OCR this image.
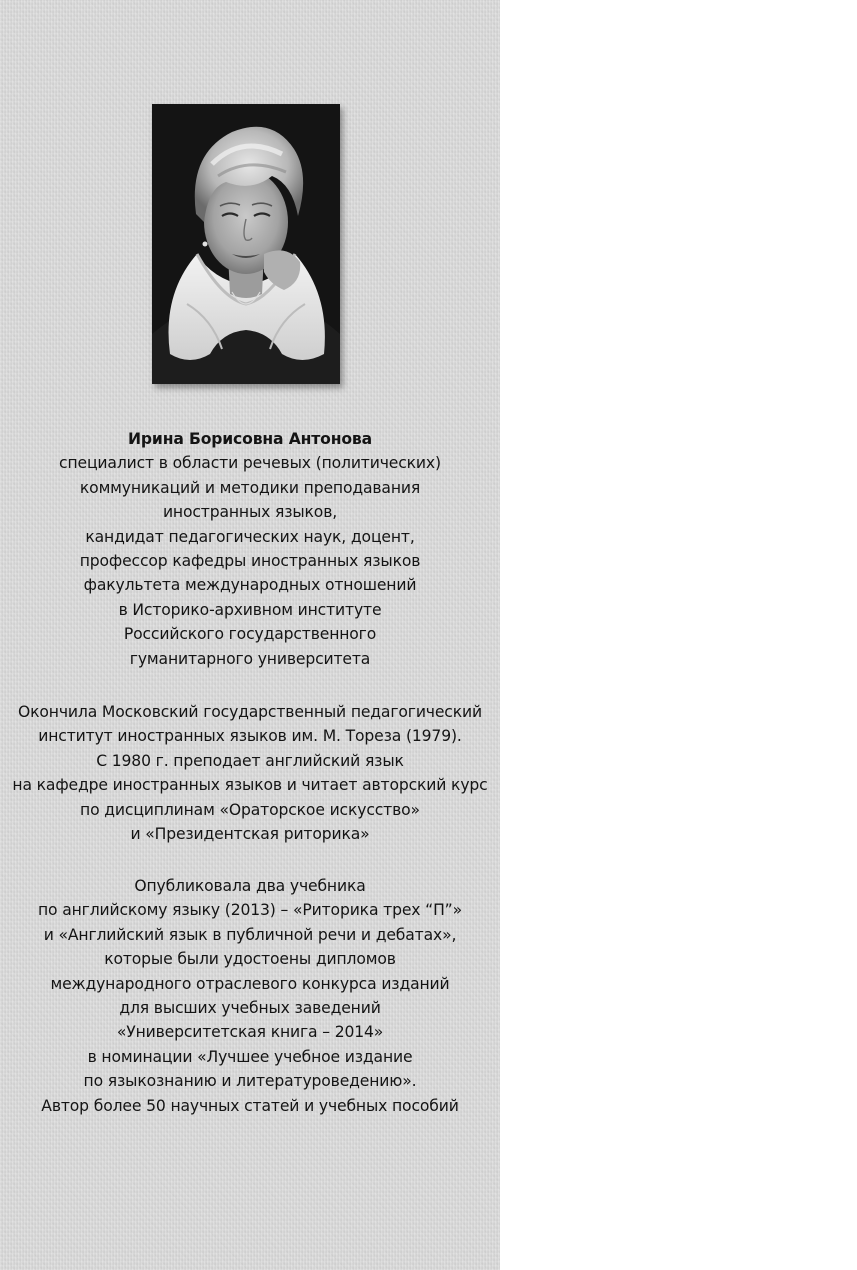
Ирина Борисовна Антонова
специалист в области речевых (политических)
коммуникаций и методики преподавания
иностранных языков,
кандидат педагогических наук, доцент,
профессор кафедры иностранных языков
факультета международных отношений
в Историко-архивном институте
Российского государственного
гуманитарного университета
Окончила Московский государственный педагогический
институт иностранных языков им. М. Тореза (1979).
С 1980 г. преподает английский язык
на кафедре иностранных языков и читает авторский курс
по дисциплинам «Ораторское искусство»
и «Президентская риторика»
Опубликовала два учебника
по английскому языку (2013) – «Риторика трех “П”»
и «Английский язык в публичной речи и дебатах»,
которые были удостоены дипломов
международного отраслевого конкурса изданий
для высших учебных заведений
«Университетская книга – 2014»
в номинации «Лучшее учебное издание
по языкознанию и литературоведению».
Автор более 50 научных статей и учебных пособий
